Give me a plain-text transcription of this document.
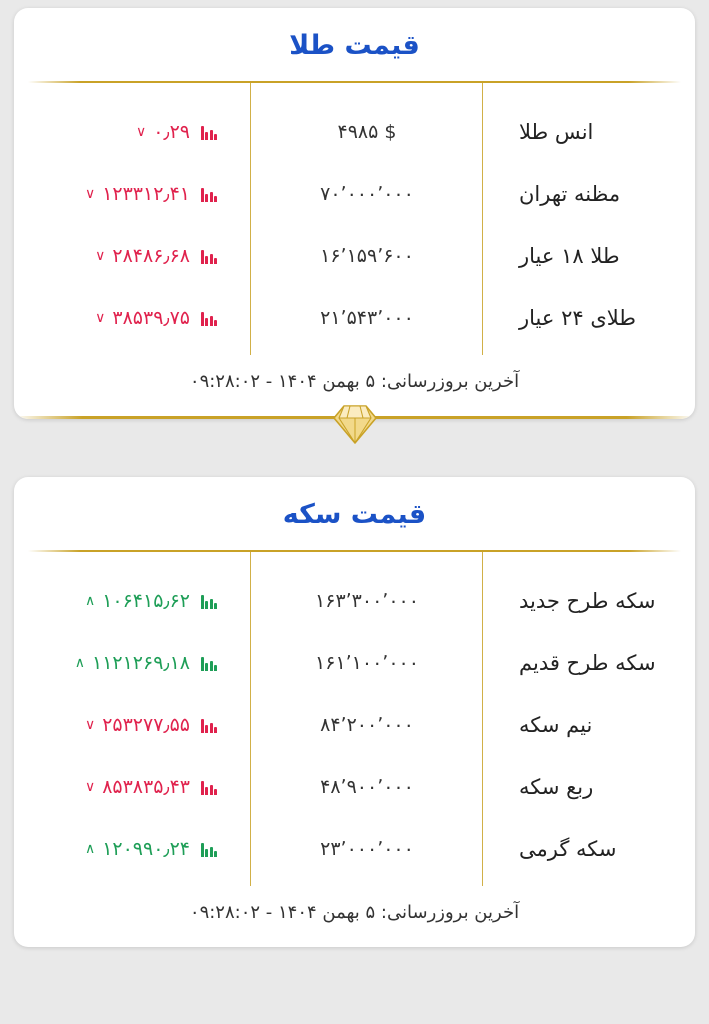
قیمت طلا
انس طلا
۴۹۸۵ $
۰٫۲۹
∨
مظنه تهران
۷۰٬۰۰۰٬۰۰۰
۱۲۳۳۱۲٫۴۱
∨
طلا ۱۸ عیار
۱۶٬۱۵۹٬۶۰۰
۲۸۴۸۶٫۶۸
∨
طلای ۲۴ عیار
۲۱٬۵۴۳٬۰۰۰
۳۸۵۳۹٫۷۵
∨
آخرین بروزرسانی: ۵ بهمن ۱۴۰۴ - ۰۹:۲۸:۰۲
قیمت سکه
سکه طرح جدید
۱۶۳٬۳۰۰٬۰۰۰
۱۰۶۴۱۵٫۶۲
∧
سکه طرح قدیم
۱۶۱٬۱۰۰٬۰۰۰
۱۱۲۱۲۶۹٫۱۸
∧
نیم سکه
۸۴٬۲۰۰٬۰۰۰
۲۵۳۲۷۷٫۵۵
∨
ربع سکه
۴۸٬۹۰۰٬۰۰۰
۸۵۳۸۳۵٫۴۳
∨
سکه گرمی
۲۳٬۰۰۰٬۰۰۰
۱۲۰۹۹۰٫۲۴
∧
آخرین بروزرسانی: ۵ بهمن ۱۴۰۴ - ۰۹:۲۸:۰۲
